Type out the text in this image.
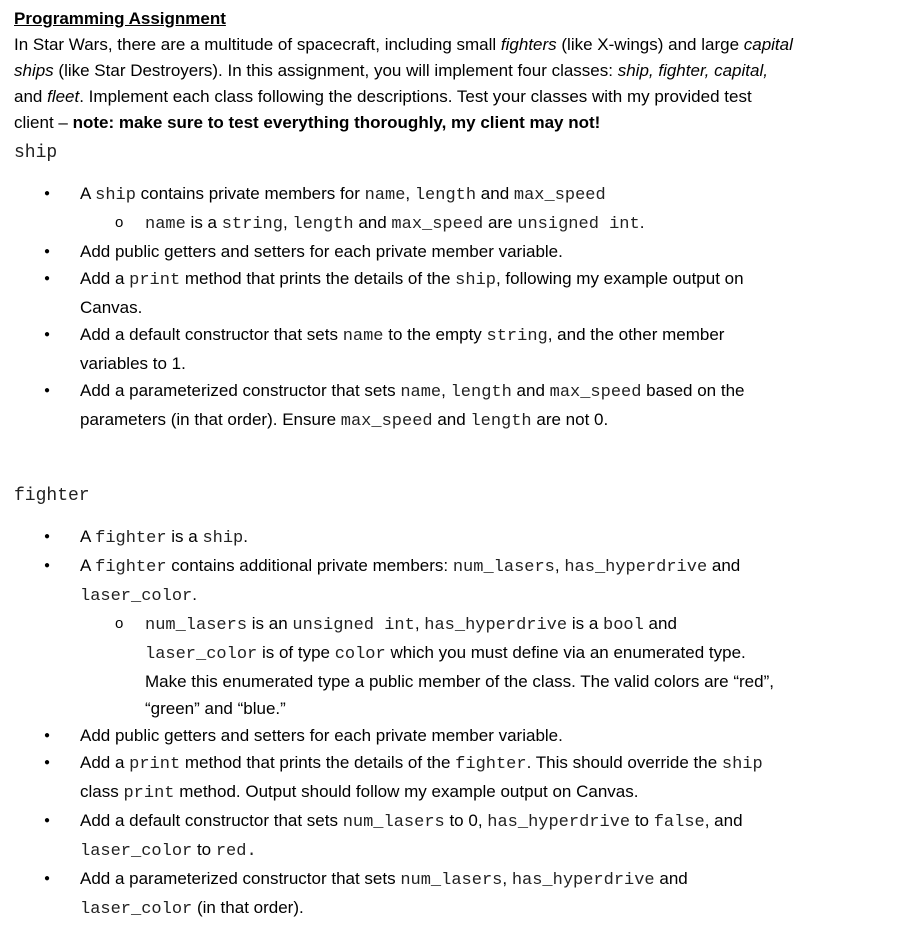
Programming Assignment
In Star Wars, there are a multitude of spacecraft, including small fighters (like X-wings) and large capital
ships (like Star Destroyers). In this assignment, you will implement four classes: ship, fighter, capital,
and fleet. Implement each class following the descriptions. Test your classes with my provided test
client – note: make sure to test everything thoroughly, my client may not!
ship
● A ship contains private members for name, length and max_speed
o name is a string, length and max_speed are unsigned int.
● Add public getters and setters for each private member variable.
● Add a print method that prints the details of the ship, following my example output on
Canvas.
● Add a default constructor that sets name to the empty string, and the other member
variables to 1.
● Add a parameterized constructor that sets name, length and max_speed based on the
parameters (in that order). Ensure max_speed and length are not 0.
fighter
● A fighter is a ship.
● A fighter contains additional private members: num_lasers, has_hyperdrive and
laser_color.
o num_lasers is an unsigned int, has_hyperdrive is a bool and
laser_color is of type color which you must define via an enumerated type.
Make this enumerated type a public member of the class. The valid colors are “red”,
“green” and “blue.”
● Add public getters and setters for each private member variable.
● Add a print method that prints the details of the fighter. This should override the ship
class print method. Output should follow my example output on Canvas.
● Add a default constructor that sets num_lasers to 0, has_hyperdrive to false, and
laser_color to red.
● Add a parameterized constructor that sets num_lasers, has_hyperdrive and
laser_color (in that order).
